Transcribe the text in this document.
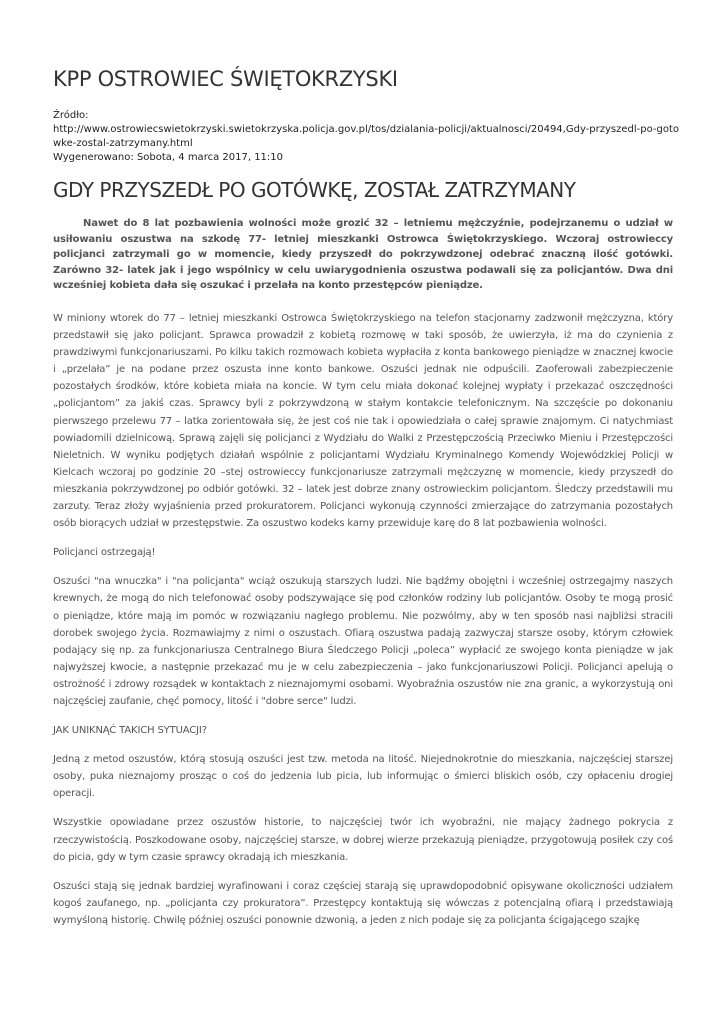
KPP OSTROWIEC ŚWIĘTOKRZYSKI
Źródło:
http://www.ostrowiecswietokrzyski.swietokrzyska.policja.gov.pl/tos/dzialania-policji/aktualnosci/20494,Gdy-przyszedl-po-goto
wke-zostal-zatrzymany.html
Wygenerowano: Sobota, 4 marca 2017, 11:10
GDY PRZYSZEDŁ PO GOTÓWKĘ, ZOSTAŁ ZATRZYMANY

Nawet do 8 lat pozbawienia wolności może grozić 32 – letniemu mężczyźnie, podejrzanemu o udział w usiłowaniu oszustwa na szkodę 77- letniej mieszkanki Ostrowca Świętokrzyskiego. Wczoraj ostrowieccy policjanci zatrzymali go w momencie, kiedy przyszedł do pokrzywdzonej odebrać znaczną ilość gotówki. Zarówno 32- latek jak i jego wspólnicy w celu uwiarygodnienia oszustwa podawali się za policjantów. Dwa dni wcześniej kobieta dała się oszukać i przelała na konto przestępców pieniądze.

W miniony wtorek do 77 – letniej mieszkanki Ostrowca Świętokrzyskiego na telefon stacjonarny zadzwonił mężczyzna, który przedstawił się jako policjant. Sprawca prowadził z kobietą rozmowę w taki sposób, że uwierzyła, iż ma do czynienia z prawdziwymi funkcjonariuszami. Po kilku takich rozmowach kobieta wypłaciła z konta bankowego pieniądze w znacznej kwocie i „przelała” je na podane przez oszusta inne konto bankowe. Oszuści jednak nie odpuścili. Zaoferowali zabezpieczenie pozostałych środków, które kobieta miała na koncie. W tym celu miała dokonać kolejnej wypłaty i przekazać oszczędności „policjantom” za jakiś czas. Sprawcy byli z pokrzywdzoną w stałym kontakcie telefonicznym. Na szczęście po dokonaniu pierwszego przelewu 77 – latka zorientowała się, że jest coś nie tak i opowiedziała o całej sprawie znajomym. Ci natychmiast powiadomili dzielnicową. Sprawą zajęli się policjanci z Wydziału do Walki z Przestępczością Przeciwko Mieniu i Przestępczości Nieletnich. W wyniku podjętych działań wspólnie z policjantami Wydziału Kryminalnego Komendy Wojewódzkiej Policji w Kielcach wczoraj po godzinie 20 –stej ostrowieccy funkcjonariusze zatrzymali mężczyznę w momencie, kiedy przyszedł do mieszkania pokrzywdzonej po odbiór gotówki. 32 – latek jest dobrze znany ostrowieckim policjantom. Śledczy przedstawili mu zarzuty. Teraz złoży wyjaśnienia przed prokuratorem. Policjanci wykonują czynności zmierzające do zatrzymania pozostałych osób biorących udział w przestępstwie. Za oszustwo kodeks karny przewiduje karę do 8 lat pozbawienia wolności.

Policjanci ostrzegają!

Oszuści "na wnuczka" i "na policjanta" wciąż oszukują starszych ludzi. Nie bądźmy obojętni i wcześniej ostrzegajmy naszych krewnych, że mogą do nich telefonować osoby podszywające się pod członków rodziny lub policjantów. Osoby te mogą prosić o pieniądze, które mają im pomóc w rozwiązaniu nagłego problemu. Nie pozwólmy, aby w ten sposób nasi najbliżsi stracili dorobek swojego życia. Rozmawiajmy z nimi o oszustach. Ofiarą oszustwa padają zazwyczaj starsze osoby, którym człowiek podający się np. za funkcjonariusza Centralnego Biura Śledczego Policji „poleca” wypłacić ze swojego konta pieniądze w jak najwyższej kwocie, a następnie przekazać mu je w celu zabezpieczenia – jako funkcjonariuszowi Policji. Policjanci apelują o ostrożność i zdrowy rozsądek w kontaktach z nieznajomymi osobami. Wyobraźnia oszustów nie zna granic, a wykorzystują oni najczęściej zaufanie, chęć pomocy, litość i "dobre serce" ludzi.

JAK UNIKNĄĆ TAKICH SYTUACJI?

Jedną z metod oszustów, którą stosują oszuści jest tzw. metoda na litość. Niejednokrotnie do mieszkania, najczęściej starszej osoby, puka nieznajomy prosząc o coś do jedzenia lub picia, lub informując o śmierci bliskich osób, czy opłaceniu drogiej operacji.

Wszystkie opowiadane przez oszustów historie, to najczęściej twór ich wyobraźni, nie mający żadnego pokrycia z rzeczywistością. Poszkodowane osoby, najczęściej starsze, w dobrej wierze przekazują pieniądze, przygotowują posiłek czy coś do picia, gdy w tym czasie sprawcy okradają ich mieszkania.

Oszuści stają się jednak bardziej wyrafinowani i coraz częściej starają się uprawdopodobnić opisywane okoliczności udziałem kogoś zaufanego, np. „policjanta czy prokuratora”. Przestępcy kontaktują się wówczas z potencjalną ofiarą i przedstawiają wymyśloną historię. Chwilę później oszuści ponownie dzwonią, a jeden z nich podaje się za policjanta ścigającego szajkę
